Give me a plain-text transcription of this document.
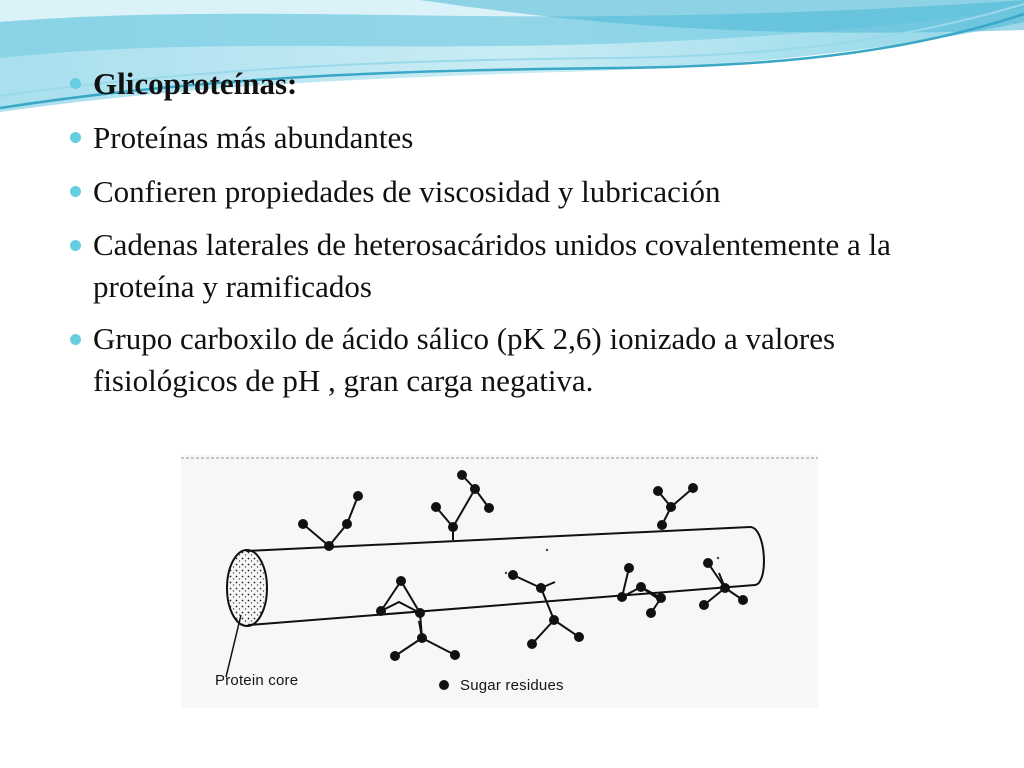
Glicoproteínas:
Proteínas más abundantes
Confieren propiedades de viscosidad y lubricación
Cadenas laterales de heterosacáridos unidos covalentemente a la proteína y ramificados
Grupo carboxilo de ácido sálico (pK 2,6) ionizado a valores fisiológicos de pH , gran carga negativa.
Protein core	Sugar residues
